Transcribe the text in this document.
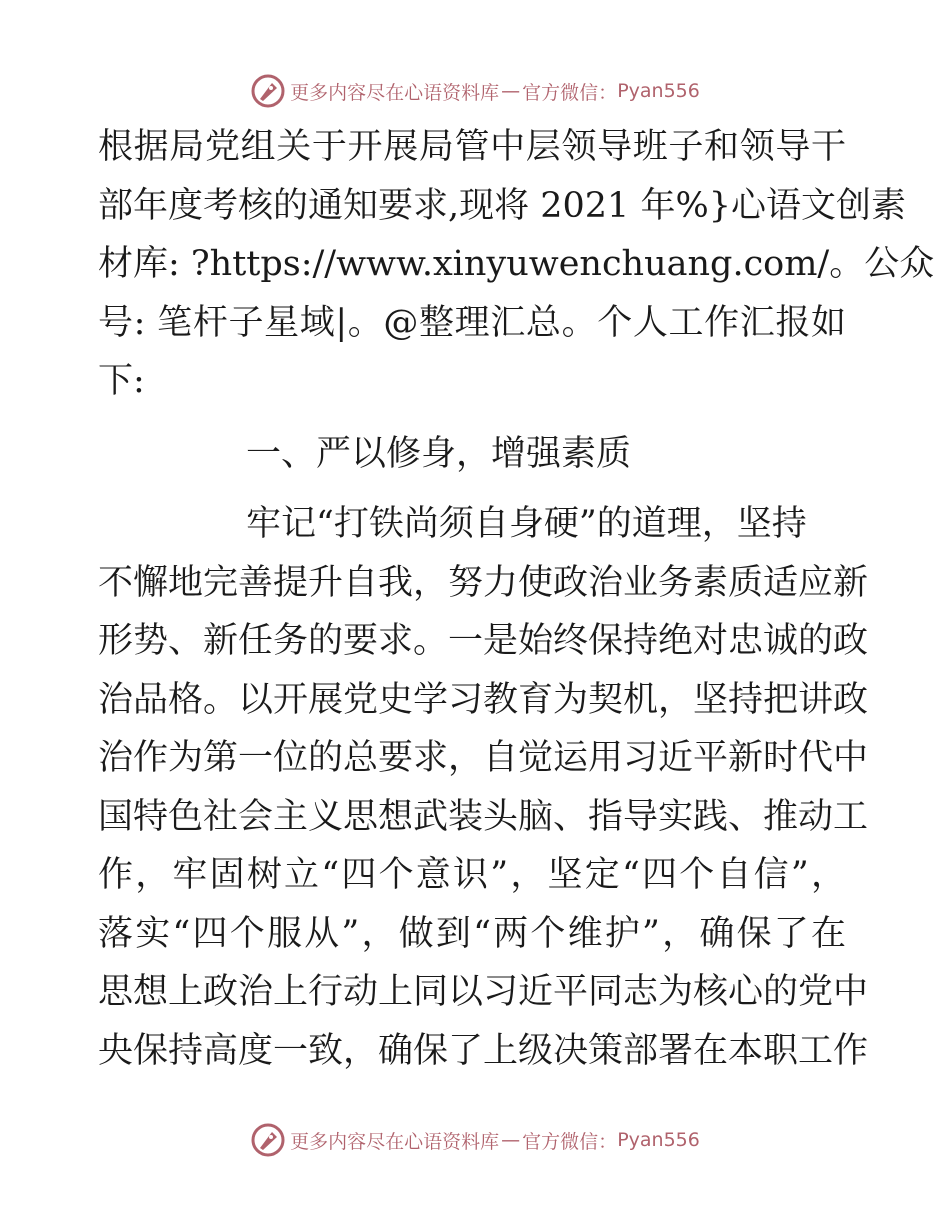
更多内容尽在心语资料库 — 官方微信： Pyan556
根据局党组关于开展局管中层领导班子和领导干
部年度考核的通知要求,现将 2021 年%}心语文创素
材库: ?https://www.xinyuwenchuang.com/。公众
号: 笔杆子星域|。@整理汇总。个人工作汇报如
下:
一、严以修身，增强素质
牢记“打铁尚须自身硬”的道理，坚持
不懈地完善提升自我，努力使政治业务素质适应新
形势、新任务的要求。一是始终保持绝对忠诚的政
治品格。以开展党史学习教育为契机，坚持把讲政
治作为第一位的总要求，自觉运用习近平新时代中
国特色社会主义思想武装头脑、指导实践、推动工
作，牢固树立“四个意识”，坚定“四个自信”，
落实“四个服从”，做到“两个维护”，确保了在
思想上政治上行动上同以习近平同志为核心的党中
央保持高度一致，确保了上级决策部署在本职工作
更多内容尽在心语资料库 — 官方微信： Pyan556
